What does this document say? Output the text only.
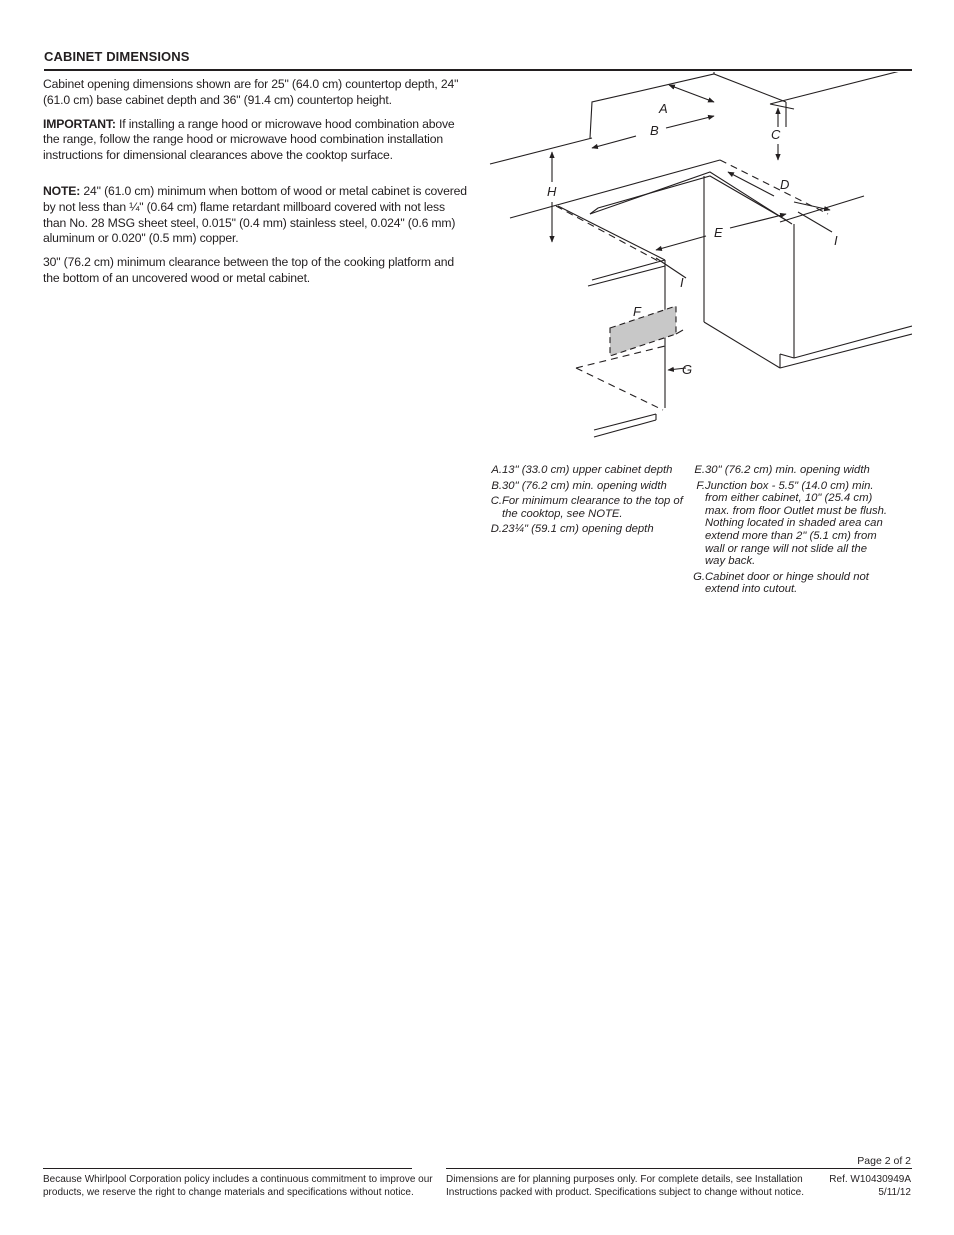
CABINET DIMENSIONS

Cabinet opening dimensions shown are for 25" (64.0 cm) countertop depth, 24" (61.0 cm) base cabinet depth and 36" (91.4 cm) countertop height.

IMPORTANT: If installing a range hood or microwave hood combination above the range, follow the range hood or microwave hood combination installation instructions for dimensional clearances above the cooktop surface.

NOTE: 24" (61.0 cm) minimum when bottom of wood or metal cabinet is covered by not less than ¼" (0.64 cm) flame retardant millboard covered with not less than No. 28 MSG sheet steel, 0.015" (0.4 mm) stainless steel, 0.024" (0.6 mm) aluminum or 0.020" (0.5 mm) copper.

30" (76.2 cm) minimum clearance between the top of the cooking platform and the bottom of an uncovered wood or metal cabinet.

A
B	C
D
E
F
G
H
I
I
A. 13" (33.0 cm) upper cabinet depth
B. 30" (76.2 cm) min. opening width
C. For minimum clearance to the top of the cooktop, see NOTE.
D. 23¼" (59.1 cm) opening depth
E. 30" (76.2 cm) min. opening width
F. Junction box - 5.5" (14.0 cm) min. from either cabinet, 10" (25.4 cm) max. from floor Outlet must be flush. Nothing located in shaded area can extend more than 2" (5.1 cm) from wall or range will not slide all the way back.
G. Cabinet door or hinge should not extend into cutout.
Page 2 of 2
Because Whirlpool Corporation policy includes a continuous commitment to improve our products, we reserve the right to change materials and specifications without notice.
Dimensions are for planning purposes only. For complete details, see Installation Instructions packed with product. Specifications subject to change without notice.
Ref. W10430949A
5/11/12
